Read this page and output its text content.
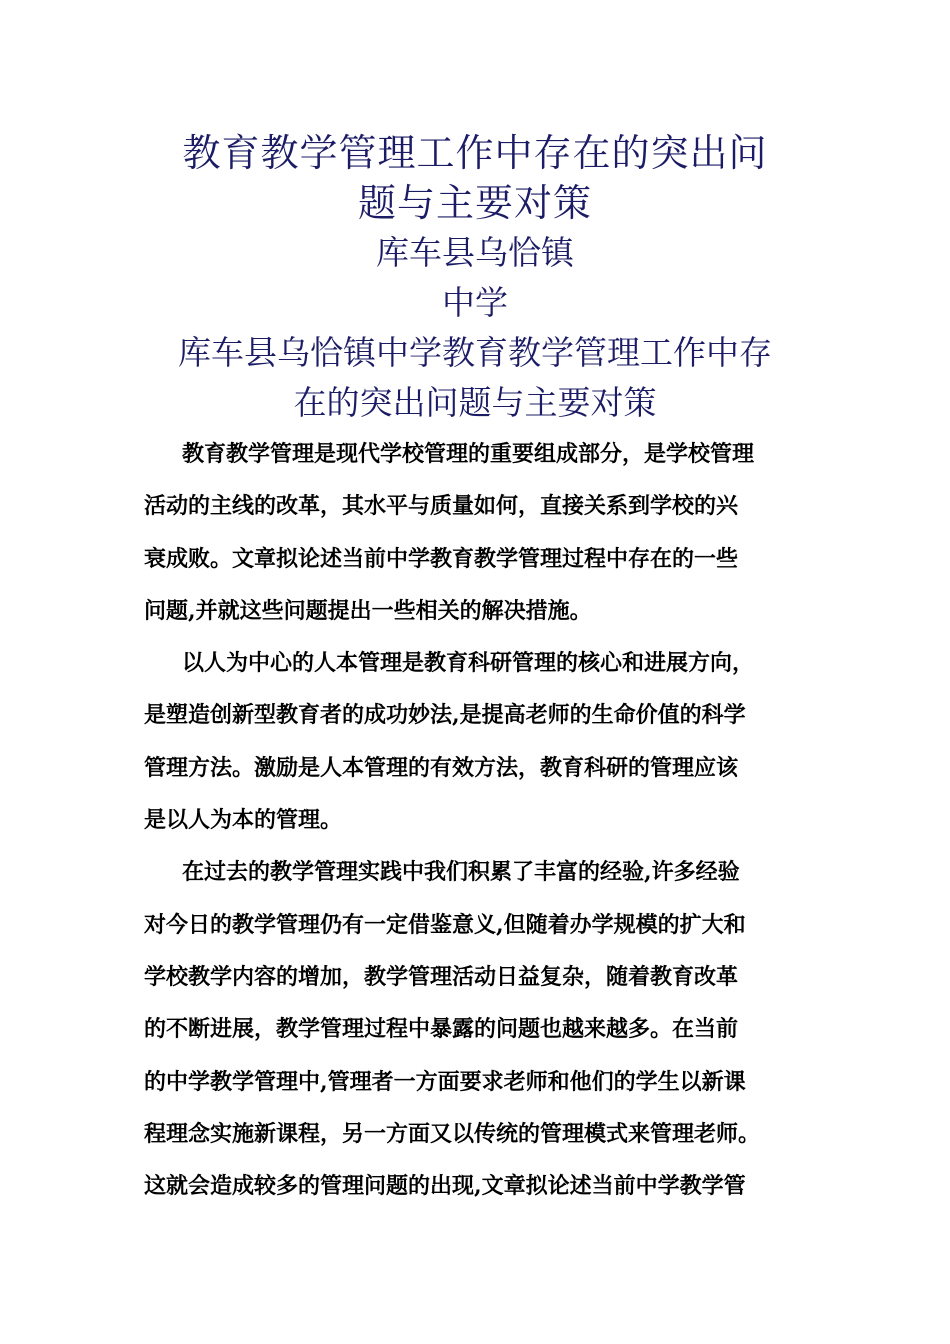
教育教学管理工作中存在的突出问
题与主要对策
库车县乌恰镇
中学
库车县乌恰镇中学教育教学管理工作中存
在的突出问题与主要对策
教育教学管理是现代学校管理的重要组成部分，是学校管理
活动的主线的改革，其水平与质量如何，直接关系到学校的兴
衰成败。文章拟论述当前中学教育教学管理过程中存在的一些
问题,并就这些问题提出一些相关的解决措施。
以人为中心的人本管理是教育科研管理的核心和进展方向，
是塑造创新型教育者的成功妙法,是提高老师的生命价值的科学
管理方法。激励是人本管理的有效方法，教育科研的管理应该
是以人为本的管理。
在过去的教学管理实践中我们积累了丰富的经验,许多经验
对今日的教学管理仍有一定借鉴意义,但随着办学规模的扩大和
学校教学内容的增加，教学管理活动日益复杂，随着教育改革
的不断进展，教学管理过程中暴露的问题也越来越多。在当前
的中学教学管理中,管理者一方面要求老师和他们的学生以新课
程理念实施新课程，另一方面又以传统的管理模式来管理老师。
这就会造成较多的管理问题的出现,文章拟论述当前中学教学管
